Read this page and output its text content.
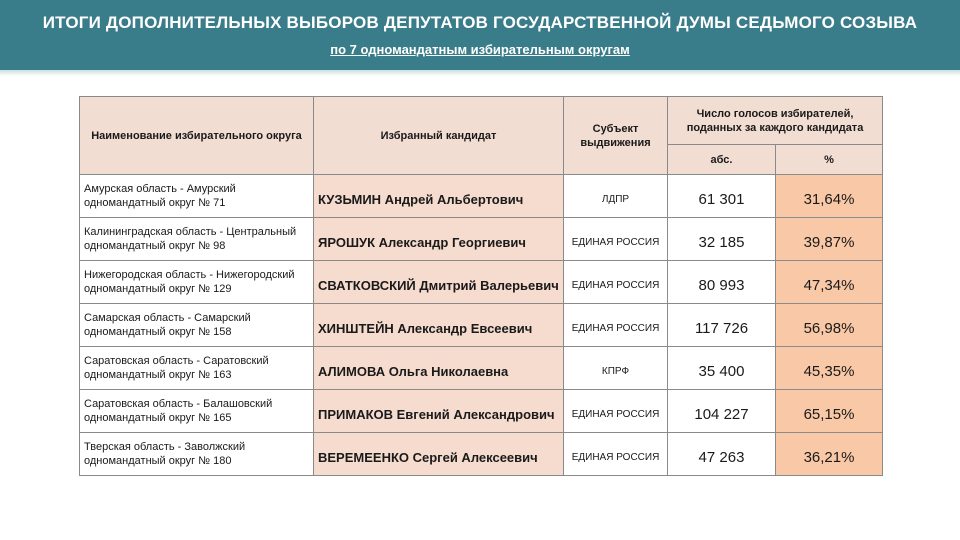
ИТОГИ ДОПОЛНИТЕЛЬНЫХ ВЫБОРОВ ДЕПУТАТОВ ГОСУДАРСТВЕННОЙ ДУМЫ СЕДЬМОГО СОЗЫВА
по 7 одномандатным избирательным округам
Наименование избирательного округа	Избранный кандидат	Субъект выдвижения	Число голосов избирателей, поданных за каждого кандидата	
			абс.	%
Амурская область - Амурский одномандатный округ № 71	КУЗЬМИН Андрей Альбертович	ЛДПР	61 301	31,64%
Калининградская область - Центральный одномандатный округ № 98	ЯРОШУК Александр Георгиевич	ЕДИНАЯ РОССИЯ	32 185	39,87%
Нижегородская область - Нижегородский одномандатный округ № 129	СВАТКОВСКИЙ Дмитрий Валерьевич	ЕДИНАЯ РОССИЯ	80 993	47,34%
Самарская область - Самарский одномандатный округ № 158	ХИНШТЕЙН Александр Евсеевич	ЕДИНАЯ РОССИЯ	117 726	56,98%
Саратовская область - Саратовский одномандатный округ № 163	АЛИМОВА Ольга Николаевна	КПРФ	35 400	45,35%
Саратовская область - Балашовский одномандатный округ № 165	ПРИМАКОВ Евгений Александрович	ЕДИНАЯ РОССИЯ	104 227	65,15%
Тверская область - Заволжский одномандатный округ № 180	ВЕРЕМЕЕНКО Сергей Алексеевич	ЕДИНАЯ РОССИЯ	47 263	36,21%
